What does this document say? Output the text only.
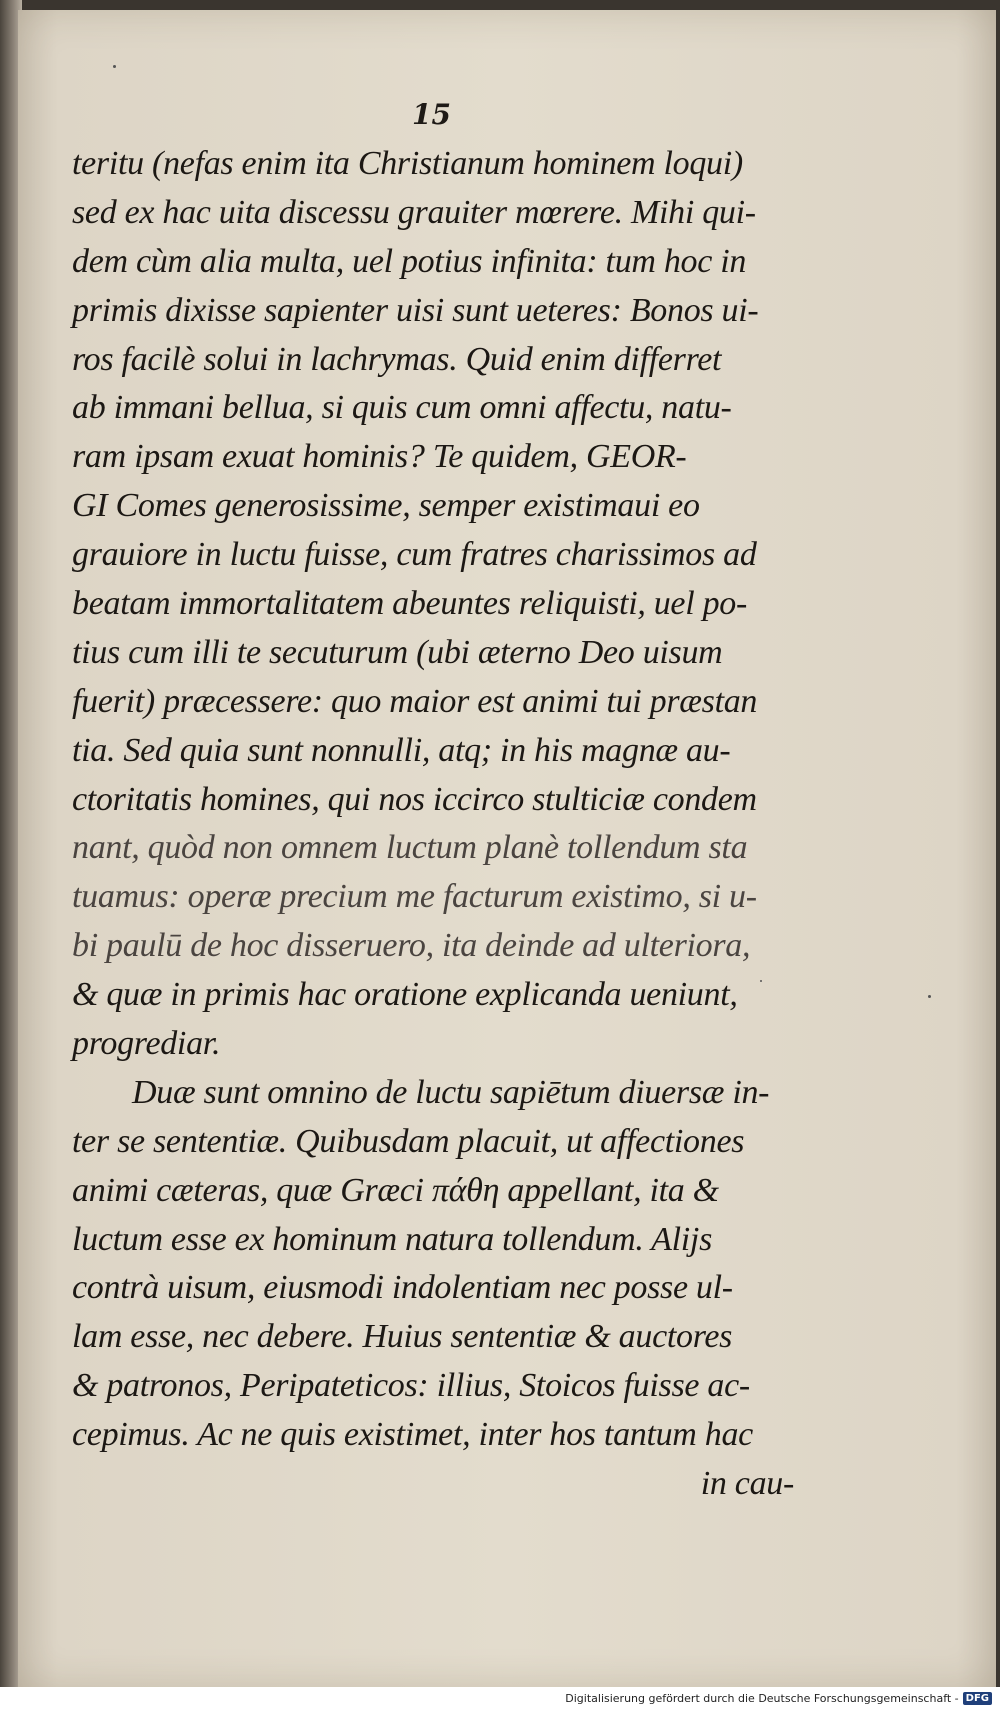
15
teritu (nefas enim ita Christianum hominem loqui)
sed ex hac uita discessu grauiter mœrere. Mihi qui-
dem cùm alia multa, uel potius infinita: tum hoc in
primis dixisse sapienter uisi sunt ueteres: Bonos ui-
ros facilè solui in lachrymas. Quid enim differret
ab immani bellua, si quis cum omni affectu, natu-
ram ipsam exuat hominis? Te quidem, GEOR-
GI Comes generosissime, semper existimaui eo
grauiore in luctu fuisse, cum fratres charissimos ad
beatam immortalitatem abeuntes reliquisti, uel po-
tius cum illi te secuturum (ubi æterno Deo uisum
fuerit) præcessere: quo maior est animi tui præstan
tia. Sed quia sunt nonnulli, atq; in his magnæ au-
ctoritatis homines, qui nos iccirco stulticiæ condem
nant, quòd non omnem luctum planè tollendum sta
tuamus: operæ precium me facturum existimo, si u-
bi paulū de hoc disseruero, ita deinde ad ulteriora,
& quæ in primis hac oratione explicanda ueniunt,
progrediar.
Duæ sunt omnino de luctu sapiētum diuersæ in-
ter se sententiæ. Quibusdam placuit, ut affectiones
animi cæteras, quæ Græci πάθη appellant, ita &
luctum esse ex hominum natura tollendum. Alijs
contrà uisum, eiusmodi indolentiam nec posse ul-
lam esse, nec debere. Huius sententiæ & auctores
& patronos, Peripateticos: illius, Stoicos fuisse ac-
cepimus. Ac ne quis existimet, inter hos tantum hac
in cau-
Digitalisierung gefördert durch die Deutsche Forschungsgemeinschaft - DFG
